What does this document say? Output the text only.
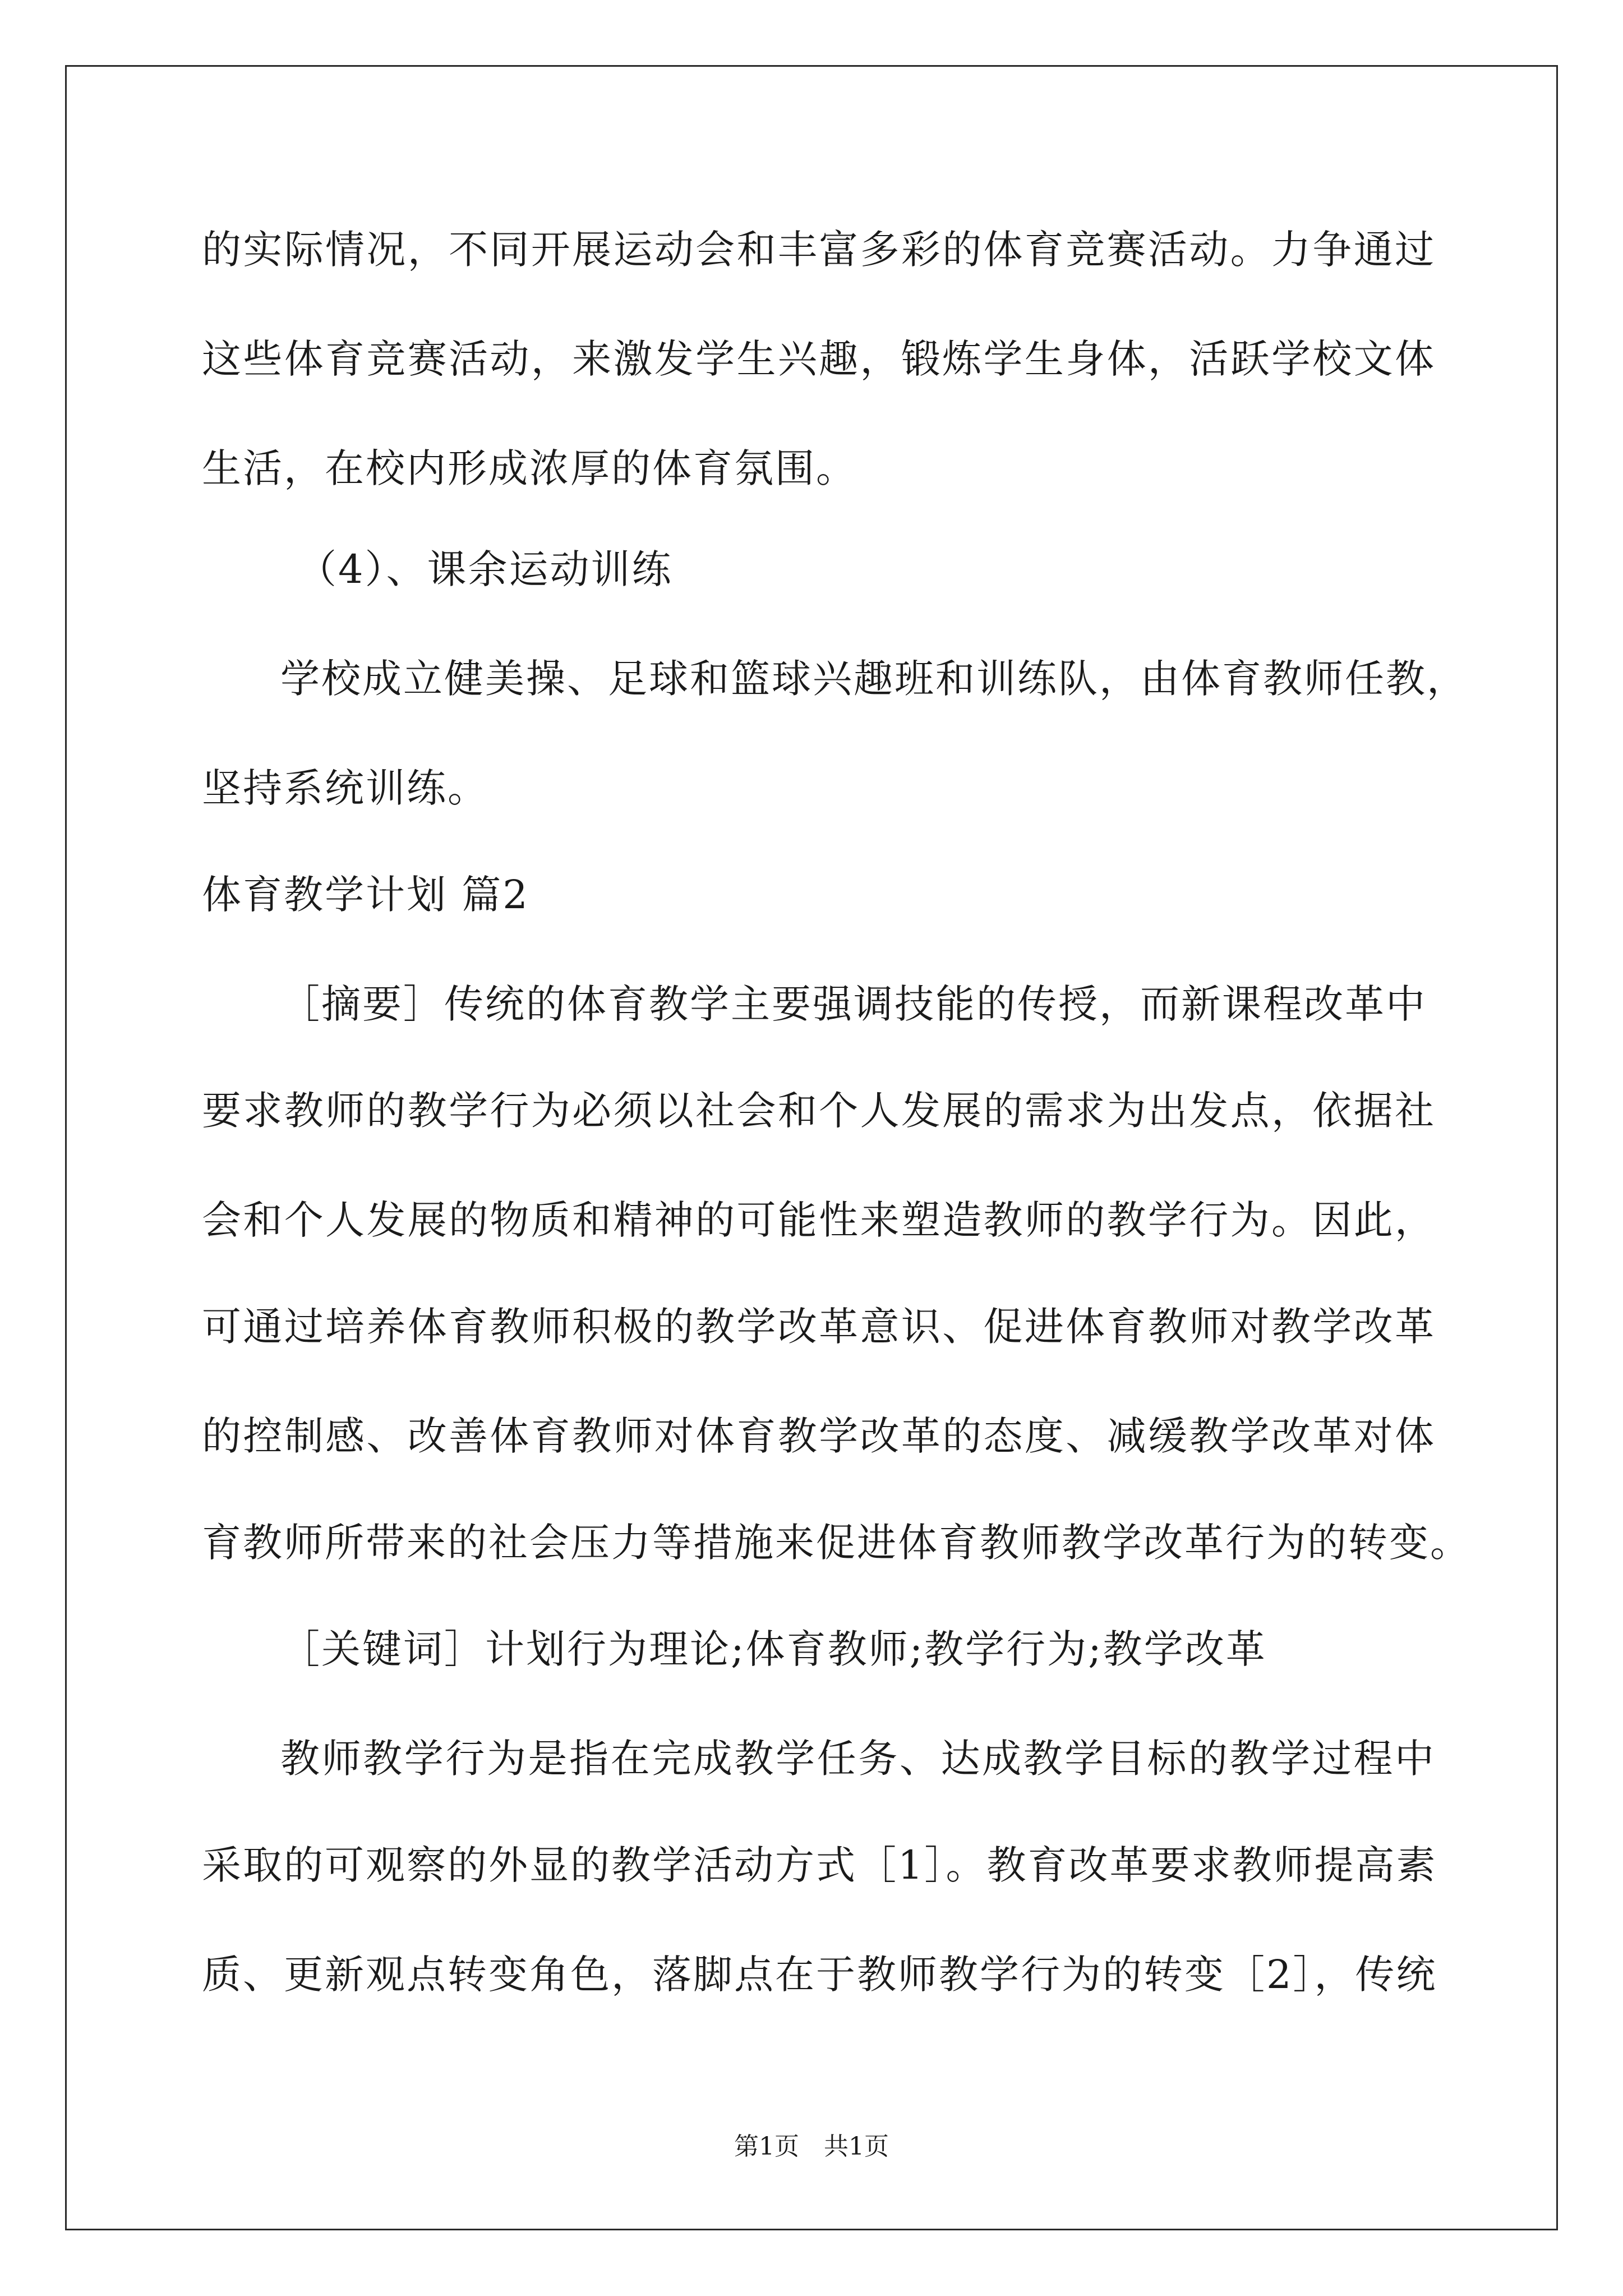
的实际情况，不同开展运动会和丰富多彩的体育竞赛活动。力争通过
这些体育竞赛活动，来激发学生兴趣，锻炼学生身体，活跃学校文体
生活，在校内形成浓厚的体育氛围。
（4）、课余运动训练
学校成立健美操、足球和篮球兴趣班和训练队，由体育教师任教，
坚持系统训练。
体育教学计划 篇2
［摘要］传统的体育教学主要强调技能的传授，而新课程改革中
要求教师的教学行为必须以社会和个人发展的需求为出发点，依据社
会和个人发展的物质和精神的可能性来塑造教师的教学行为。因此，
可通过培养体育教师积极的教学改革意识、促进体育教师对教学改革
的控制感、改善体育教师对体育教学改革的态度、减缓教学改革对体
育教师所带来的社会压力等措施来促进体育教师教学改革行为的转变。
［关键词］计划行为理论;体育教师;教学行为;教学改革
教师教学行为是指在完成教学任务、达成教学目标的教学过程中
采取的可观察的外显的教学活动方式［1］。教育改革要求教师提高素
质、更新观点转变角色，落脚点在于教师教学行为的转变［2］，传统
第1页　共1页
